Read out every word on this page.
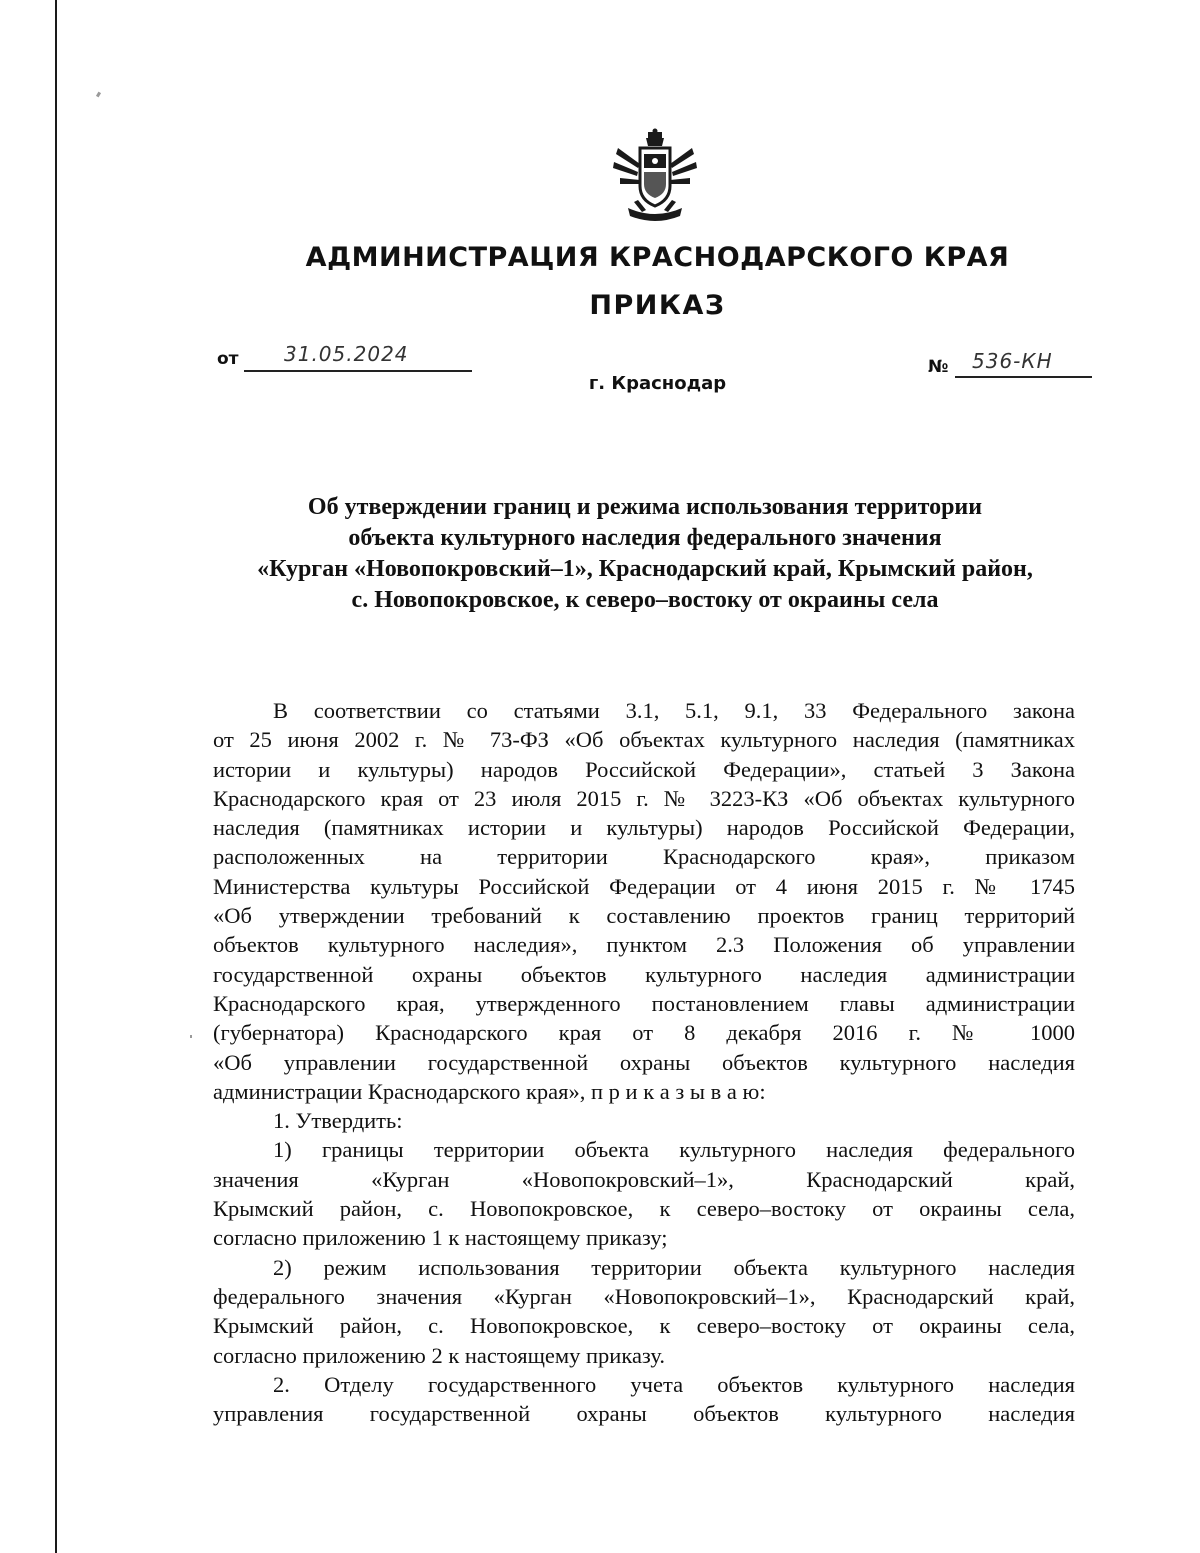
АДМИНИСТРАЦИЯ КРАСНОДАРСКОГО КРАЯ
ПРИКАЗ
от 31.05.2024
г. Краснодар
№ 536-КН
Об утверждении границ и режима использования территории
объекта культурного наследия федерального значения
«Курган «Новопокровский–1», Краснодарский край, Крымский район,
с. Новопокровское, к северо–востоку от окраины села

В соответствии со статьями 3.1, 5.1, 9.1, 33 Федерального закона
от 25 июня 2002 г. № 73-ФЗ «Об объектах культурного наследия (памятниках
истории и культуры) народов Российской Федерации», статьей 3 Закона
Краснодарского края от 23 июля 2015 г. № 3223-КЗ «Об объектах культурного
наследия (памятниках истории и культуры) народов Российской Федерации,
расположенных на территории Краснодарского края», приказом
Министерства культуры Российской Федерации от 4 июня 2015 г. № 1745
«Об утверждении требований к составлению проектов границ территорий
объектов культурного наследия», пунктом 2.3 Положения об управлении
государственной охраны объектов культурного наследия администрации
Краснодарского края, утвержденного постановлением главы администрации
(губернатора) Краснодарского края от 8 декабря 2016 г. № 1000
«Об управлении государственной охраны объектов культурного наследия
администрации Краснодарского края», п р и к а з ы в а ю:

1. Утвердить:

1) границы территории объекта культурного наследия федерального
значения «Курган «Новопокровский–1», Краснодарский край,
Крымский район, с. Новопокровское, к северо–востоку от окраины села,
согласно приложению 1 к настоящему приказу;

2) режим использования территории объекта культурного наследия
федерального значения «Курган «Новопокровский–1», Краснодарский край,
Крымский район, с. Новопокровское, к северо–востоку от окраины села,
согласно приложению 2 к настоящему приказу.

2. Отделу государственного учета объектов культурного наследия
управления государственной охраны объектов культурного наследия
